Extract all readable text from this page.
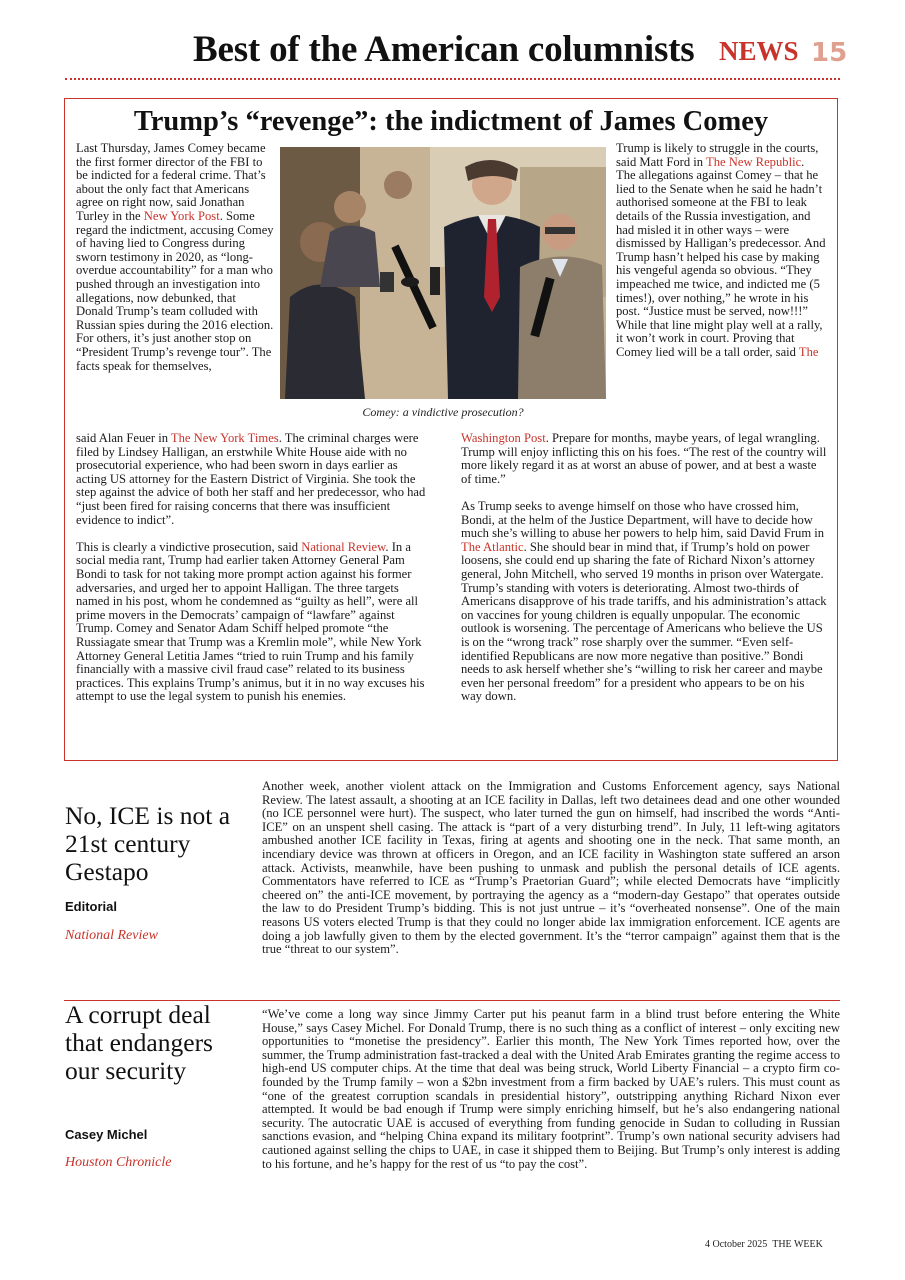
Best of the American columnists NEWS 15
Trump’s “revenge”: the indictment of James Comey
Comey: a vindictive prosecution?
Last Thursday, James Comey became the first former director of the FBI to be indicted for a federal crime. That’s about the only fact that Americans agree on right now, said Jonathan Turley in the New York Post. Some regard the indictment, accusing Comey of having lied to Congress during sworn testimony in 2020, as “long-overdue accountability” for a man who pushed through an investigation into allegations, now debunked, that Donald Trump’s team colluded with Russian spies during the 2016 election. For others, it’s just another stop on “President Trump’s revenge tour”. The facts speak for themselves,

said Alan Feuer in The New York Times. The criminal charges were filed by Lindsey Halligan, an erstwhile White House aide with no prosecutorial experience, who had been sworn in days earlier as acting US attorney for the Eastern District of Virginia. She took the step against the advice of both her staff and her predecessor, who had “just been fired for raising concerns that there was insufficient evidence to indict”.

This is clearly a vindictive prosecution, said National Review. In a social media rant, Trump had earlier taken Attorney General Pam Bondi to task for not taking more prompt action against his former adversaries, and urged her to appoint Halligan. The three targets named in his post, whom he condemned as “guilty as hell”, were all prime movers in the Democrats’ campaign of “lawfare” against Trump. Comey and Senator Adam Schiff helped promote “the Russiagate smear that Trump was a Kremlin mole”, while New York Attorney General Letitia James “tried to ruin Trump and his family financially with a massive civil fraud case” related to its business practices. This explains Trump’s animus, but it in no way excuses his attempt to use the legal system to punish his enemies.

Trump is likely to struggle in the courts, said Matt Ford in The New Republic. The allegations against Comey – that he lied to the Senate when he said he hadn’t authorised someone at the FBI to leak details of the Russia investigation, and had misled it in other ways – were dismissed by Halligan’s predecessor. And Trump hasn’t helped his case by making his vengeful agenda so obvious. “They impeached me twice, and indicted me (5 times!), over nothing,” he wrote in his post. “Justice must be served, now!!!” While that line might play well at a rally, it won’t work in court. Proving that Comey lied will be a tall order, said The

Washington Post. Prepare for months, maybe years, of legal wrangling. Trump will enjoy inflicting this on his foes. “The rest of the country will more likely regard it as at worst an abuse of power, and at best a waste of time.”

As Trump seeks to avenge himself on those who have crossed him, Bondi, at the helm of the Justice Department, will have to decide how much she’s willing to abuse her powers to help him, said David Frum in The Atlantic. She should bear in mind that, if Trump’s hold on power loosens, she could end up sharing the fate of Richard Nixon’s attorney general, John Mitchell, who served 19 months in prison over Watergate. Trump’s standing with voters is deteriorating. Almost two-thirds of Americans disapprove of his trade tariffs, and his administration’s attack on vaccines for young children is equally unpopular. The economic outlook is worsening. The percentage of Americans who believe the US is on the “wrong track” rose sharply over the summer. “Even self-identified Republicans are now more negative than positive.” Bondi needs to ask herself whether she’s “willing to risk her career and maybe even her personal freedom” for a president who appears to be on his way down.

No, ICE is not a 21st century Gestapo
Editorial
National Review
Another week, another violent attack on the Immigration and Customs Enforcement agency, says National Review. The latest assault, a shooting at an ICE facility in Dallas, left two detainees dead and one other wounded (no ICE personnel were hurt). The suspect, who later turned the gun on himself, had inscribed the words “Anti-ICE” on an unspent shell casing. The attack is “part of a very disturbing trend”. In July, 11 left-wing agitators ambushed another ICE facility in Texas, firing at agents and shooting one in the neck. That same month, an incendiary device was thrown at officers in Oregon, and an ICE facility in Washington state suffered an arson attack. Activists, meanwhile, have been pushing to unmask and publish the personal details of ICE agents. Commentators have referred to ICE as “Trump’s Praetorian Guard”; while elected Democrats have “implicitly cheered on” the anti-ICE movement, by portraying the agency as a “modern-day Gestapo” that operates outside the law to do President Trump’s bidding. This is not just untrue – it’s “overheated nonsense”. One of the main reasons US voters elected Trump is that they could no longer abide lax immigration enforcement. ICE agents are doing a job lawfully given to them by the elected government. It’s the “terror campaign” against them that is the true “threat to our system”.
A corrupt deal that endangers our security
Casey Michel
Houston Chronicle
“We’ve come a long way since Jimmy Carter put his peanut farm in a blind trust before entering the White House,” says Casey Michel. For Donald Trump, there is no such thing as a conflict of interest – only exciting new opportunities to “monetise the presidency”. Earlier this month, The New York Times reported how, over the summer, the Trump administration fast-tracked a deal with the United Arab Emirates granting the regime access to high-end US computer chips. At the time that deal was being struck, World Liberty Financial – a crypto firm co-founded by the Trump family – won a $2bn investment from a firm backed by UAE’s rulers. This must count as “one of the greatest corruption scandals in presidential history”, outstripping anything Richard Nixon ever attempted. It would be bad enough if Trump were simply enriching himself, but he’s also endangering national security. The autocratic UAE is accused of everything from funding genocide in Sudan to colluding in Russian sanctions evasion, and “helping China expand its military footprint”. Trump’s own national security advisers had cautioned against selling the chips to UAE, in case it shipped them to Beijing. But Trump’s only interest is adding to his fortune, and he’s happy for the rest of us “to pay the cost”.
4 October 2025 THE WEEK
